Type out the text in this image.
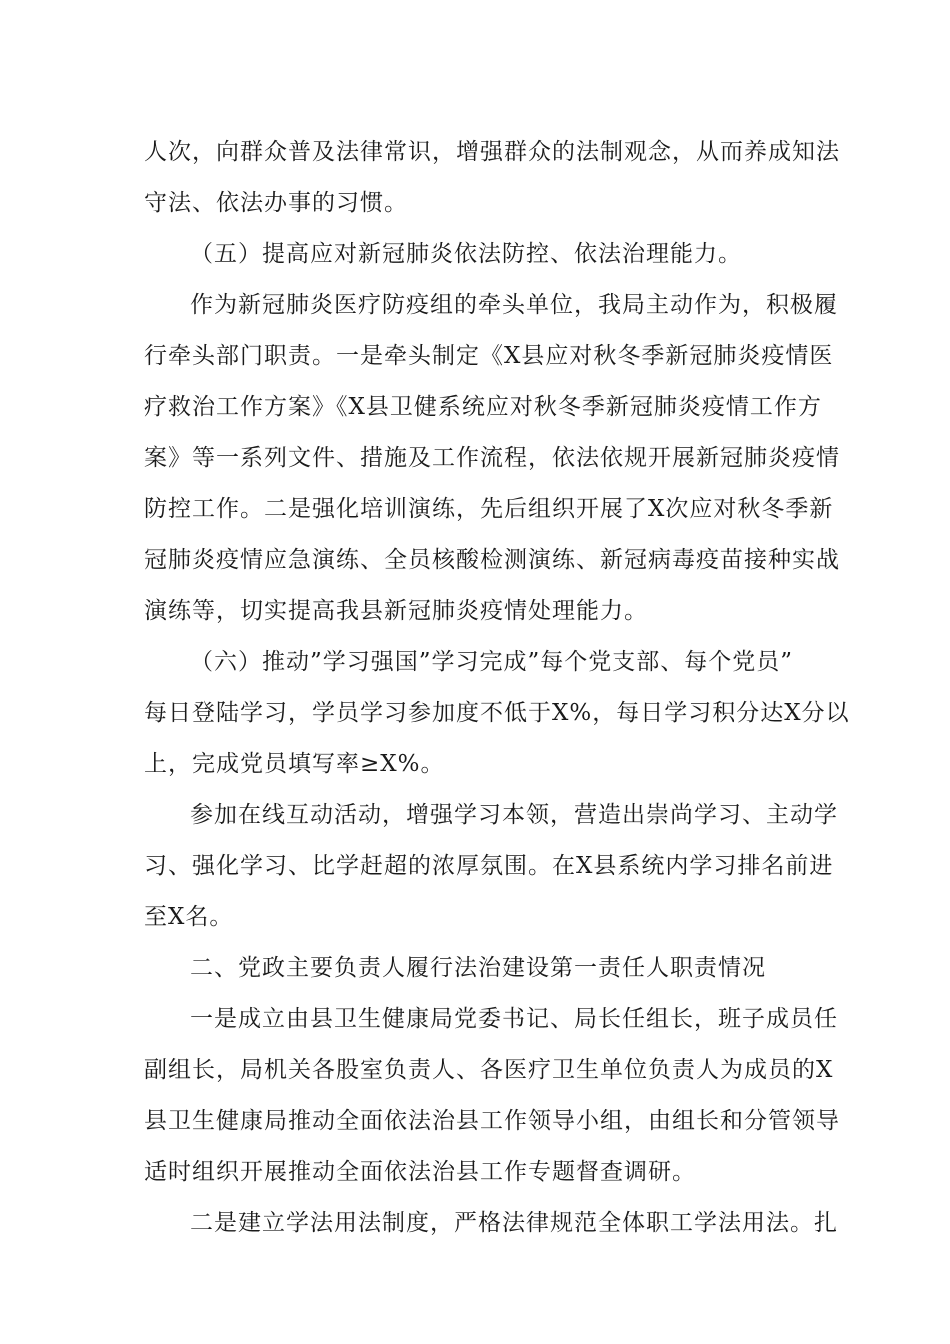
人次，向群众普及法律常识，增强群众的法制观念，从而养成知法
守法、依法办事的习惯。
（五）提高应对新冠肺炎依法防控、依法治理能力。
作为新冠肺炎医疗防疫组的牵头单位，我局主动作为，积极履
行牵头部门职责。一是牵头制定《X县应对秋冬季新冠肺炎疫情医
疗救治工作方案》《X县卫健系统应对秋冬季新冠肺炎疫情工作方
案》等一系列文件、措施及工作流程，依法依规开展新冠肺炎疫情
防控工作。二是强化培训演练，先后组织开展了X次应对秋冬季新
冠肺炎疫情应急演练、全员核酸检测演练、新冠病毒疫苗接种实战
演练等，切实提高我县新冠肺炎疫情处理能力。
（六）推动”学习强国”学习完成”每个党支部、每个党员”
每日登陆学习，学员学习参加度不低于X%，每日学习积分达X分以
上，完成党员填写率≥X%。
参加在线互动活动，增强学习本领，营造出崇尚学习、主动学
习、强化学习、比学赶超的浓厚氛围。在X县系统内学习排名前进
至X名。
二、党政主要负责人履行法治建设第一责任人职责情况
一是成立由县卫生健康局党委书记、局长任组长，班子成员任
副组长，局机关各股室负责人、各医疗卫生单位负责人为成员的X
县卫生健康局推动全面依法治县工作领导小组，由组长和分管领导
适时组织开展推动全面依法治县工作专题督查调研。
二是建立学法用法制度，严格法律规范全体职工学法用法。扎
